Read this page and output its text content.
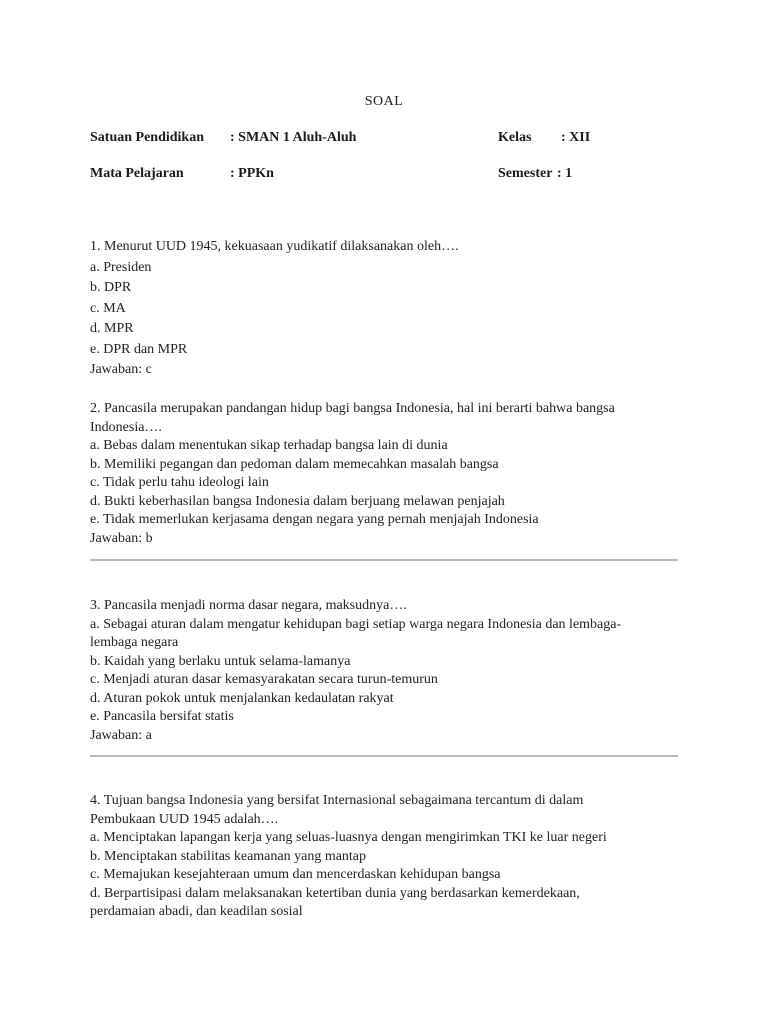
SOAL
Satuan Pendidikan : SMAN 1 Aluh-Aluh	Kelas : XII
Mata Pelajaran	: PPKn	Semester : 1
1. Menurut UUD 1945, kekuasaan yudikatif dilaksanakan oleh….
a. Presiden
b. DPR
c. MA
d. MPR
e. DPR dan MPR
Jawaban: c
2. Pancasila merupakan pandangan hidup bagi bangsa Indonesia, hal ini berarti bahwa bangsa
Indonesia….
a. Bebas dalam menentukan sikap terhadap bangsa lain di dunia
b. Memiliki pegangan dan pedoman dalam memecahkan masalah bangsa
c. Tidak perlu tahu ideologi lain
d. Bukti keberhasilan bangsa Indonesia dalam berjuang melawan penjajah
e. Tidak memerlukan kerjasama dengan negara yang pernah menjajah Indonesia
Jawaban: b
3. Pancasila menjadi norma dasar negara, maksudnya….
a. Sebagai aturan dalam mengatur kehidupan bagi setiap warga negara Indonesia dan lembaga-
lembaga negara
b. Kaidah yang berlaku untuk selama-lamanya
c. Menjadi aturan dasar kemasyarakatan secara turun-temurun
d. Aturan pokok untuk menjalankan kedaulatan rakyat
e. Pancasila bersifat statis
Jawaban: a
4. Tujuan bangsa Indonesia yang bersifat Internasional sebagaimana tercantum di dalam
Pembukaan UUD 1945 adalah….
a. Menciptakan lapangan kerja yang seluas-luasnya dengan mengirimkan TKI ke luar negeri
b. Menciptakan stabilitas keamanan yang mantap
c. Memajukan kesejahteraan umum dan mencerdaskan kehidupan bangsa
d. Berpartisipasi dalam melaksanakan ketertiban dunia yang berdasarkan kemerdekaan,
perdamaian abadi, dan keadilan sosial
